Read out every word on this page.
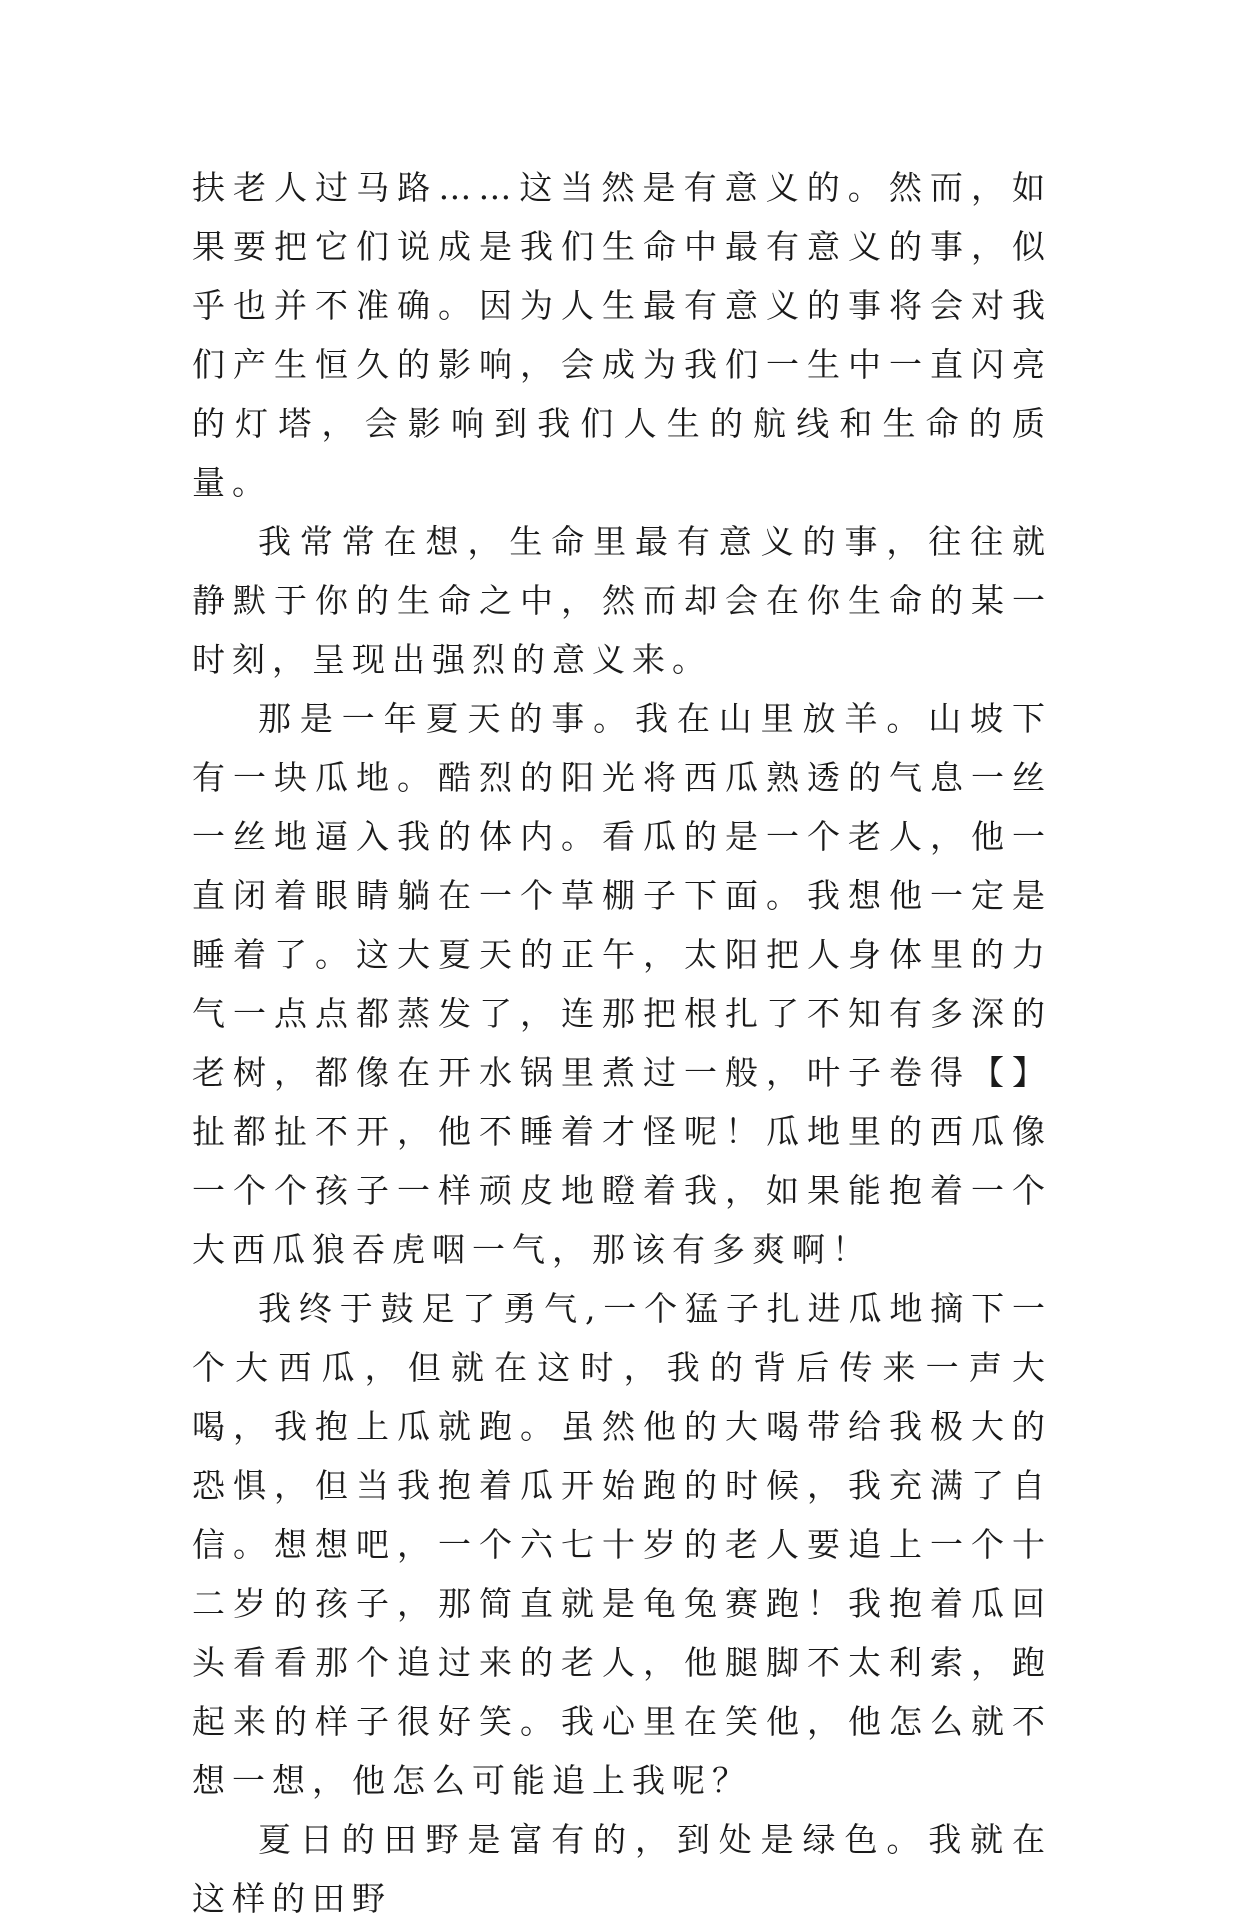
扶老人过马路……这当然是有意义的。然而，如果要把它们说成是我们生命中最有意义的事，似乎也并不准确。因为人生最有意义的事将会对我们产生恒久的影响，会成为我们一生中一直闪亮的灯塔，会影响到我们人生的航线和生命的质量。

我常常在想，生命里最有意义的事，往往就静默于你的生命之中，然而却会在你生命的某一时刻，呈现出强烈的意义来。

那是一年夏天的事。我在山里放羊。山坡下有一块瓜地。酷烈的阳光将西瓜熟透的气息一丝一丝地逼入我的体内。看瓜的是一个老人，他一直闭着眼睛躺在一个草棚子下面。我想他一定是睡着了。这大夏天的正午，太阳把人身体里的力气一点点都蒸发了，连那把根扎了不知有多深的老树，都像在开水锅里煮过一般，叶子卷得【】扯都扯不开，他不睡着才怪呢！瓜地里的西瓜像一个个孩子一样顽皮地瞪着我，如果能抱着一个大西瓜狼吞虎咽一气，那该有多爽啊！

我终于鼓足了勇气,一个猛子扎进瓜地摘下一个大西瓜，但就在这时，我的背后传来一声大喝，我抱上瓜就跑。虽然他的大喝带给我极大的恐惧，但当我抱着瓜开始跑的时候，我充满了自信。想想吧，一个六七十岁的老人要追上一个十二岁的孩子，那简直就是龟兔赛跑！我抱着瓜回头看看那个追过来的老人，他腿脚不太利索，跑起来的样子很好笑。我心里在笑他，他怎么就不想一想，他怎么可能追上我呢？

夏日的田野是富有的，到处是绿色。我就在这样的田野
